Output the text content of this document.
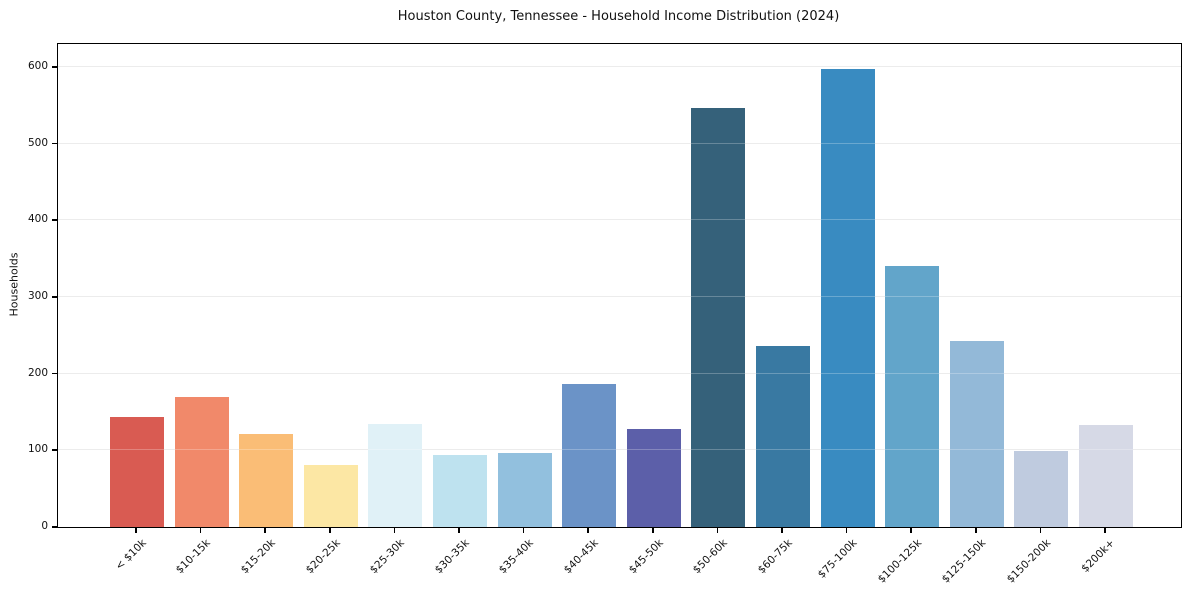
Houston County, Tennessee - Household Income Distribution (2024)
Households
0
100
200
300
400
500
600
< $10k $10-15k $15-20k $20-25k $25-30k $30-35k $35-40k $40-45k $45-50k $50-60k $60-75k $75-100k $100-125k $125-150k $150-200k	$200k+
